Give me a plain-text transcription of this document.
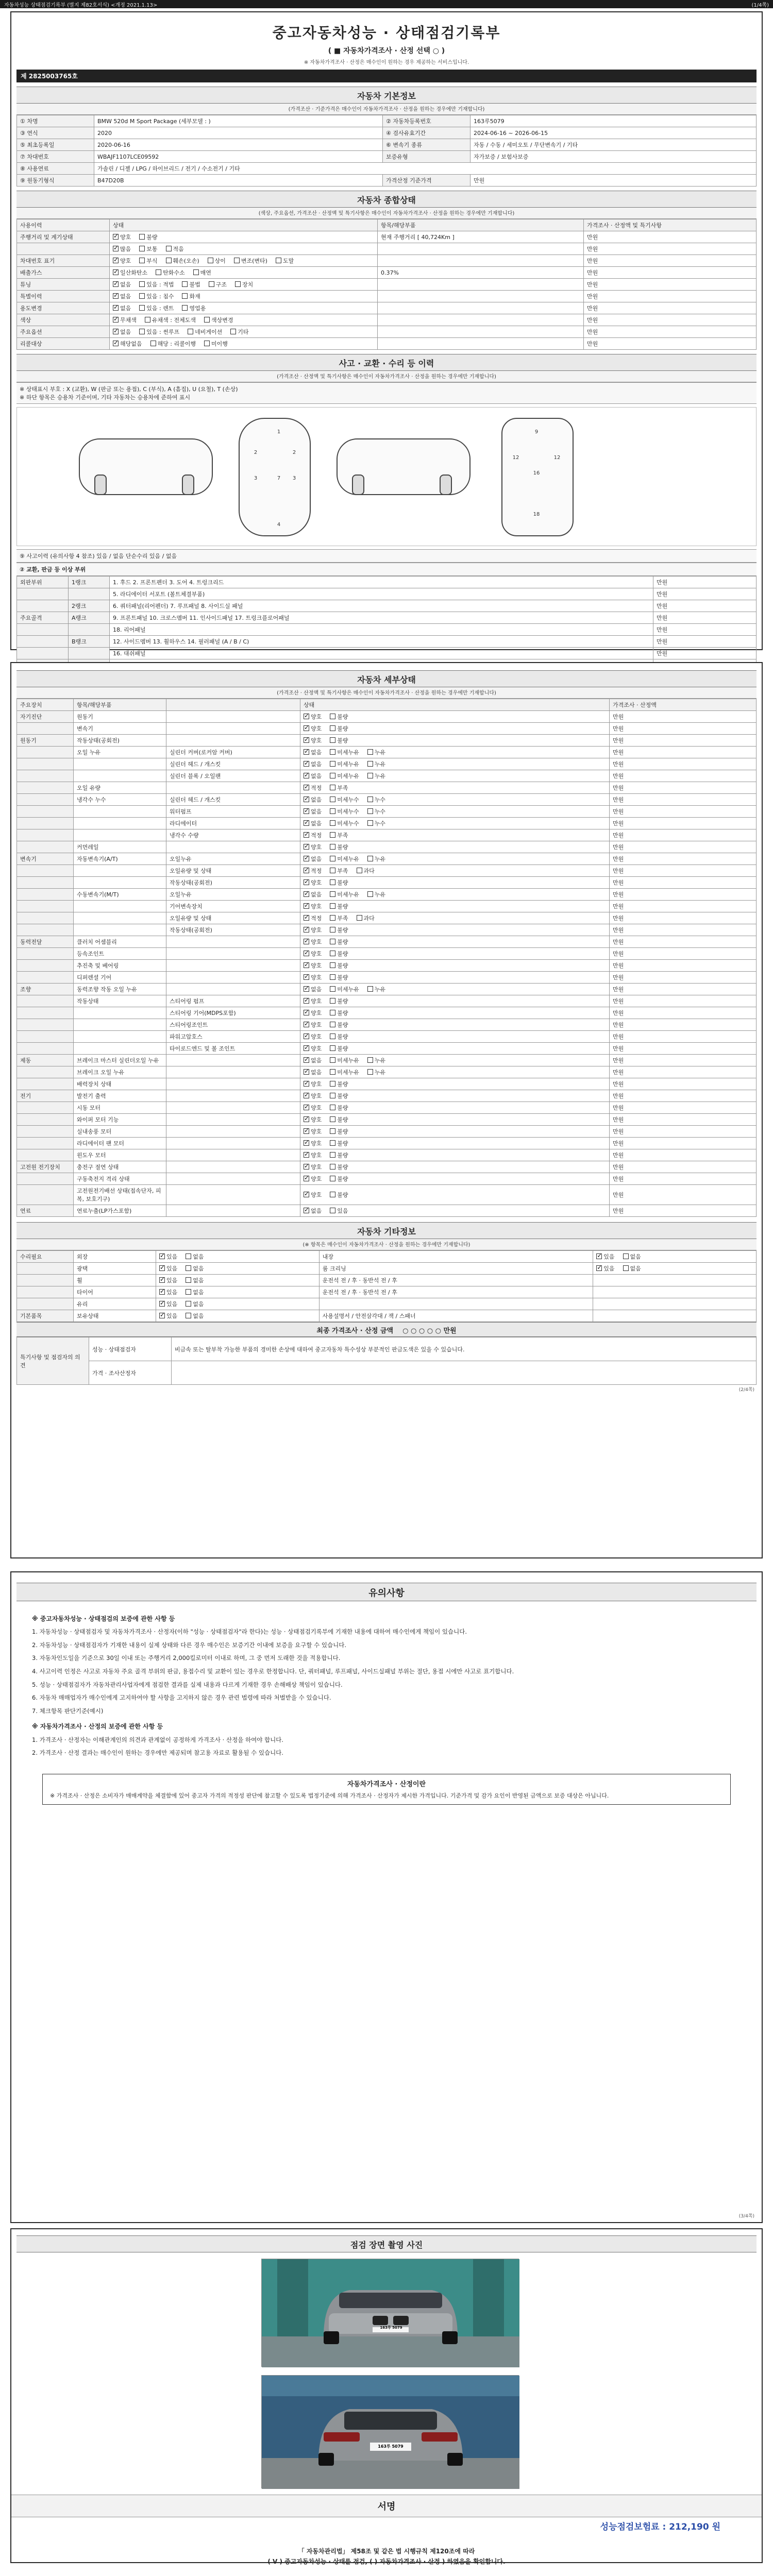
자동차성능 상태점검기록부 (별지 제82호서식) <개정 2021.1.13>	(1/4쪽)
중고자동차성능 · 상태점검기록부
( ■ 자동차가격조사 · 산정 선택 ○ )
※ 자동차가격조사 · 산정은 매수인이 원하는 경우 제공하는 서비스입니다.
제 2825003765호
자동차 기본정보
(가격조산 · 기준가격은 매수인이 자동차가격조사 · 산정을 원하는 경우에만 기재합니다)
① 차명	BMW 520d M Sport Package (세부모델 : )	② 자동차등록번호	163루5079
③ 연식	2020	④ 검사유효기간	2024-06-16 ~ 2026-06-15
⑤ 최초등록일	2020-06-16	⑥ 변속기 종류	자동 / 수동 / 세미오토 / 무단변속기 / 기타
⑦ 차대번호	WBAJF1107LCE09592	보증유형	자가보증 / 보험사보증
⑧ 사용연료	가솔린 / 디젤 / LPG / 하이브리드 / 전기 / 수소전기 / 기타		
⑨ 원동기형식	B47D20B	가격산정 기준가격	만원
자동차 종합상태
(색상, 주요옵션, 가격조산 · 산정액 및 특기사항은 매수인이 자동차가격조사 · 산정을 원하는 경우에만 기재합니다)
사용이력	상태	항목/해당부품	가격조사 · 산정액 및 특기사항
주행거리 및 계기상태	✓양호 불량	현재 주행거리 [ 40,724Km ]	만원
	✓많음 보통 적음		만원
차대번호 표기	✓양호 부식 훼손(오손) 상이 변조(변타) 도말		만원
배출가스	✓일산화탄소 탄화수소 매연	0.37%	만원
튜닝	✓없음 있음 : 적법 불법 구조 장치		만원
특별이력	✓없음 있음 : 침수 화재		만원
용도변경	✓없음 있음 : 렌트 영업용		만원
색상	✓무채색 유채색 : 전체도색 색상변경		만원
주요옵션	✓없음 있음 : 썬루프 네비게이션 기타		만원
리콜대상	✓해당없음 해당 : 리콜이행 미이행		만원
사고 · 교환 · 수리 등 이력
(가격조산 · 산정액 및 특기사항은 매수인이 자동차가격조사 · 산정을 원하는 경우에만 기재합니다)
※ 상태표시 부호 : X (교환), W (판금 또는 용접), C (부식), A (흠집), U (요철), T (손상)
※ 하단 항목은 승용차 기준이며, 기타 자동차는 승용차에 준하여 표시
1
2	2
3	3
4
7
9
12	12
16
18
⑨ 사고이력 (유의사항 4 참조) 있음 / 없음 단순수리 있음 / 없음
② 교환, 판금 등 이상 부위
외판부위	1랭크	1. 후드 2. 프론트펜더 3. 도어 4. 트렁크리드	만원
		5. 라디에이터 서포트 (볼트체결부품)	만원
	2랭크	6. 쿼터패널(리어펜더) 7. 루프패널 8. 사이드실 패널	만원
주요골격	A랭크	9. 프론트패널 10. 크로스멤버 11. 인사이드패널 17. 트렁크플로어패널	만원
		18. 리어패널	만원
	B랭크	12. 사이드멤버 13. 휠하우스 14. 필러패널 (A / B / C)	만원
		16. 대쉬패널	만원

자동차 세부상태
(가격조산 · 산정액 및 특기사항은 매수인이 자동차가격조사 · 산정을 원하는 경우에만 기재합니다)
주요장치	항목/해당부품		상태	가격조사 · 산정액
자기진단	원동기		✓양호 불량	만원
	변속기		✓양호 불량	만원
원동기	작동상태(공회전)		✓양호 불량	만원
	오일 누유	실린더 커버(로커암 커버)	✓없음 미세누유 누유	만원
		실린더 헤드 / 개스킷	✓없음 미세누유 누유	만원
		실린더 블록 / 오일팬	✓없음 미세누유 누유	만원
	오일 유량		✓적정 부족	만원
	냉각수 누수	실린더 헤드 / 개스킷	✓없음 미세누수 누수	만원
		워터펌프	✓없음 미세누수 누수	만원
		라디에이터	✓없음 미세누수 누수	만원
		냉각수 수량	✓적정 부족	만원
	커먼레일		✓양호 불량	만원
변속기	자동변속기(A/T)	오일누유	✓없음 미세누유 누유	만원
		오일유량 및 상태	✓적정 부족 과다	만원
		작동상태(공회전)	✓양호 불량	만원
	수동변속기(M/T)	오일누유	✓없음 미세누유 누유	만원
		기어변속장치	✓양호 불량	만원
		오일유량 및 상태	✓적정 부족 과다	만원
		작동상태(공회전)	✓양호 불량	만원
동력전달	클러치 어셈블리		✓양호 불량	만원
	등속조인트		✓양호 불량	만원
	추진축 및 베어링		✓양호 불량	만원
	디퍼렌셜 기어		✓양호 불량	만원
조향	동력조향 작동 오일 누유		✓없음 미세누유 누유	만원
	작동상태	스티어링 펌프	✓양호 불량	만원
		스티어링 기어(MDPS포함)	✓양호 불량	만원
		스티어링조인트	✓양호 불량	만원
		파워고압호스	✓양호 불량	만원
		타이로드엔드 및 볼 조인트	✓양호 불량	만원
제동	브레이크 마스터 실린더오일 누유		✓없음 미세누유 누유	만원
	브레이크 오일 누유		✓없음 미세누유 누유	만원
	배력장치 상태		✓양호 불량	만원
전기	발전기 출력		✓양호 불량	만원
	시동 모터		✓양호 불량	만원
	와이퍼 모터 기능		✓양호 불량	만원
	실내송풍 모터		✓양호 불량	만원
	라디에이터 팬 모터		✓양호 불량	만원
	윈도우 모터		✓양호 불량	만원
고전원 전기장치	충전구 절연 상태		✓양호 불량	만원
	구동축전지 격리 상태		✓양호 불량	만원
	고전원전기배선 상태(접속단자, 피복, 보호기구)		✓양호 불량	만원
연료	연료누출(LP가스포함)		✓없음 있음	만원
자동차 기타정보
(※ 항목은 매수인이 자동차가격조사 · 산정을 원하는 경우에만 기재합니다)
수리필요	외장	✓있음 없음	내장	✓있음 없음
	광택	✓있음 없음	룸 크리닝	✓있음 없음
	휠	✓있음 없음	운전석 전 / 후 · 동반석 전 / 후	
	타이어	✓있음 없음	운전석 전 / 후 · 동반석 전 / 후	
	유리	✓있음 없음		
기본품목	보유상태	✓있음 없음	사용설명서 / 안전삼각대 / 잭 / 스패너	
최종 가격조사 · 산정 금액 ○ ○ ○ ○ ○ 만원
특기사항 및 점검자의 의견	성능 · 상태점검자	비금속 또는 탈부착 가능한 부품의 경미한 손상에 대하여 중고자동차 특수성상 부분적인 판금도색은 있을 수 있습니다.
	가격 · 조사산정자	
(2/4쪽)
유의사항
※ 중고자동차성능 · 상태점검의 보증에 관한 사항 등

1. 자동차성능 · 상태점검자 및 자동차가격조사 · 산정자(이하 "성능 · 상태점검자"라 한다)는 성능 · 상태점검기록부에 기재한 내용에 대하여 매수인에게 책임이 있습니다.

2. 자동차성능 · 상태점검자가 기재한 내용이 실제 상태와 다른 경우 매수인은 보증기간 이내에 보증을 요구할 수 있습니다.

3. 자동차인도일을 기준으로 30일 이내 또는 주행거리 2,000킬로미터 이내로 하며, 그 중 먼저 도래한 것을 적용합니다.

4. 사고이력 인정은 사고로 자동차 주요 골격 부위의 판금, 용접수리 및 교환이 있는 경우로 한정합니다. 단, 쿼터패널, 루프패널, 사이드실패널 부위는 절단, 용접 시에만 사고로 표기합니다.

5. 성능 · 상태점검자가 자동차관리사업자에게 점검한 결과를 실제 내용과 다르게 기재한 경우 손해배상 책임이 있습니다.

6. 자동차 매매업자가 매수인에게 고지하여야 할 사항을 고지하지 않은 경우 관련 법령에 따라 처벌받을 수 있습니다.

7. 체크항목 판단기준(예시)

※ 자동차가격조사 · 산정의 보증에 관한 사항 등

1. 가격조사 · 산정자는 이해관계인의 의견과 관계없이 공정하게 가격조사 · 산정을 하여야 합니다.

2. 가격조사 · 산정 결과는 매수인이 원하는 경우에만 제공되며 참고용 자료로 활용될 수 있습니다.

자동차가격조사 · 산정이란
※ 가격조사 · 산정은 소비자가 매매계약을 체결함에 있어 중고자 가격의 적정성 판단에 참고할 수 있도록 법정기준에 의해 가격조사 · 산정자가 제시한 가격입니다. 기준가격 및 감가 요인이 반영된 금액으로 보증 대상은 아닙니다.
(3/4쪽)
점검 장면 촬영 사진
163루 5079
163루 5079
서명
성능점검보험료 : 212,190 원
「 자동차관리법」 제58조 및 같은 법 시행규칙 제120조에 따라
( V ) 중고자동차성능 · 상태를 점검, ( ) 자동차가격조사 · 산정 ) 하였음을 확인합니다.
